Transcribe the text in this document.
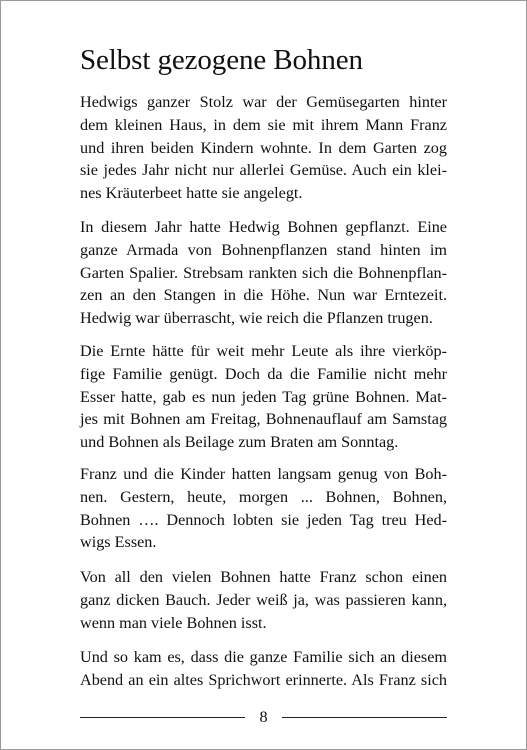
Selbst gezogene Bohnen
Hedwigs ganzer Stolz war der Gemüsegarten hinter
dem kleinen Haus, in dem sie mit ihrem Mann Franz
und ihren beiden Kindern wohnte. In dem Garten zog
sie jedes Jahr nicht nur allerlei Gemüse. Auch ein klei-
nes Kräuterbeet hatte sie angelegt.
In diesem Jahr hatte Hedwig Bohnen gepflanzt. Eine
ganze Armada von Bohnenpflanzen stand hinten im
Garten Spalier. Strebsam rankten sich die Bohnenpflan-
zen an den Stangen in die Höhe. Nun war Erntezeit.
Hedwig war überrascht, wie reich die Pflanzen trugen.
Die Ernte hätte für weit mehr Leute als ihre vierköp-
fige Familie genügt. Doch da die Familie nicht mehr
Esser hatte, gab es nun jeden Tag grüne Bohnen. Mat-
jes mit Bohnen am Freitag, Bohnenauflauf am Samstag
und Bohnen als Beilage zum Braten am Sonntag.
Franz und die Kinder hatten langsam genug von Boh-
nen. Gestern, heute, morgen ... Bohnen, Bohnen,
Bohnen …. Dennoch lobten sie jeden Tag treu Hed-
wigs Essen.
Von all den vielen Bohnen hatte Franz schon einen
ganz dicken Bauch. Jeder weiß ja, was passieren kann,
wenn man viele Bohnen isst.
Und so kam es, dass die ganze Familie sich an diesem
Abend an ein altes Sprichwort erinnerte. Als Franz sich
8
